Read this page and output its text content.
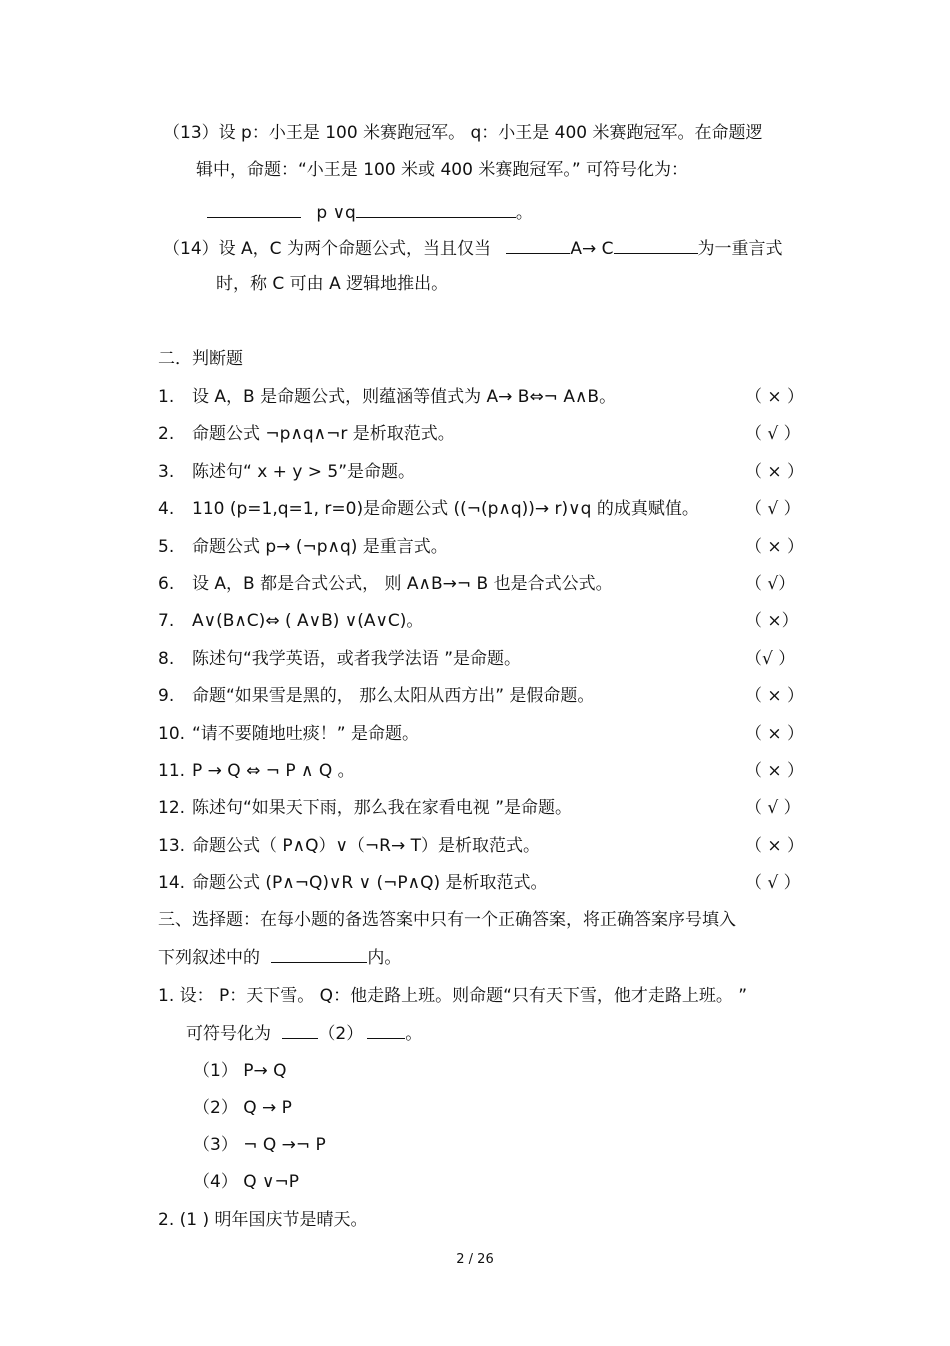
（13）设 p：小王是 100 米赛跑冠军。 q：小王是 400 米赛跑冠军。在命题逻
辑中，命题：“小王是 100 米或 400 米赛跑冠军。” 可符号化为：
p ∨q	。
（14）设 A，C 为两个命题公式，当且仅当	A→ C	为一重言式
时，称 C 可由 A 逻辑地推出。
二．判断题
1. 设 A，B 是命题公式，则蕴涵等值式为 A→ B⇔¬ A∧B。	（ × ）
2. 命题公式 ¬p∧q∧¬r 是析取范式。	（ √ ）
3. 陈述句“ x + y > 5”是命题。	（ × ）
4. 110 (p=1,q=1, r=0)是命题公式 ((¬(p∧q))→ r)∨q 的成真赋值。	（ √ ）
5. 命题公式 p→ (¬p∧q) 是重言式。	（ × ）
6. 设 A，B 都是合式公式， 则 A∧B→¬ B 也是合式公式。	（ √）
7. A∨(B∧C)⇔ ( A∨B) ∨(A∨C)。	（ ×）
8. 陈述句“我学英语，或者我学法语 ”是命题。	（√ ）
9. 命题“如果雪是黑的， 那么太阳从西方出” 是假命题。	（ × ）
10. “请不要随地吐痰！” 是命题。	（ × ）
11. P → Q ⇔ ¬ P ∧ Q 。	（ × ）
12. 陈述句“如果天下雨，那么我在家看电视 ”是命题。	（ √ ）
13. 命题公式（ P∧Q）∨（¬R→ T）是析取范式。	（ × ）
14. 命题公式 (P∧¬Q)∨R ∨ (¬P∧Q) 是析取范式。	（ √ ）
三、选择题：在每小题的备选答案中只有一个正确答案，将正确答案序号填入
下列叙述中的	内。
1. 设： P：天下雪。 Q：他走路上班。则命题“只有天下雪，他才走路上班。 ”
可符号化为	（2） 。
（1） P→ Q
（2） Q → P
（3） ¬ Q →¬ P
（4） Q ∨¬P
2. (1 ) 明年国庆节是晴天。
2 / 26
